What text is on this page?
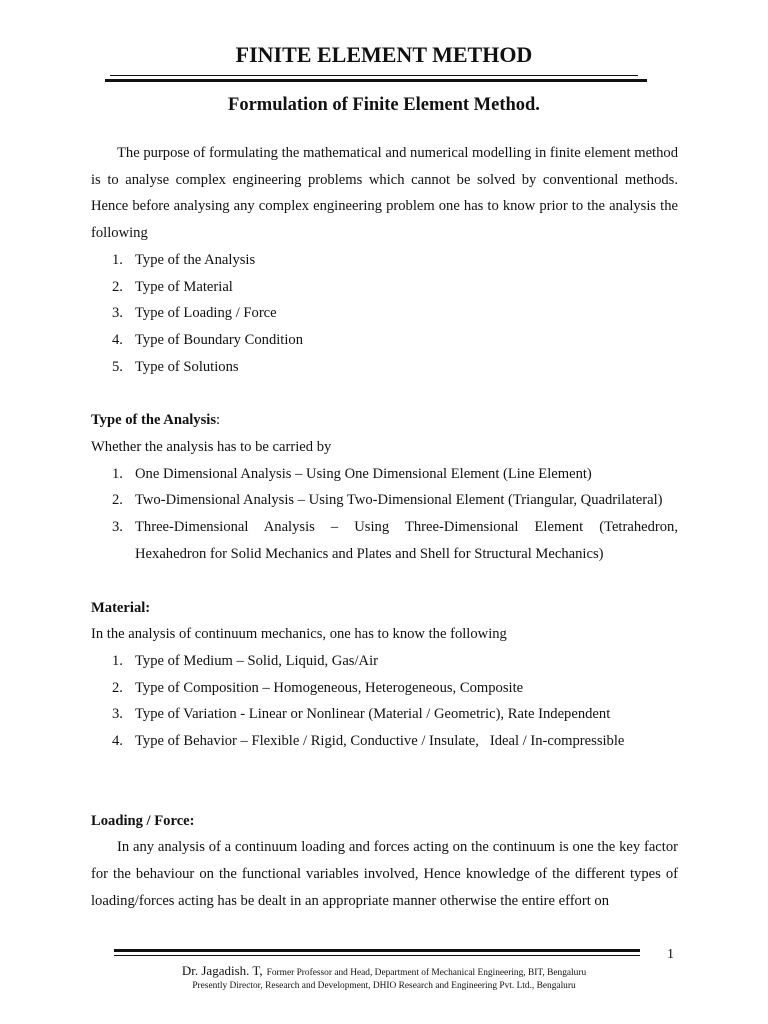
FINITE ELEMENT METHOD
Formulation of Finite Element Method.

The purpose of formulating the mathematical and numerical modelling in finite element method is to analyse complex engineering problems which cannot be solved by conventional methods. Hence before analysing any complex engineering problem one has to know prior to the analysis the following

1. Type of the Analysis
2. Type of Material
3. Type of Loading / Force
4. Type of Boundary Condition
5. Type of Solutions

Type of the Analysis:

Whether the analysis has to be carried by

1. One Dimensional Analysis – Using One Dimensional Element (Line Element)
2. Two-Dimensional Analysis – Using Two-Dimensional Element (Triangular, Quadrilateral)
3. Three-Dimensional Analysis – Using Three-Dimensional Element (Tetrahedron, Hexahedron for Solid Mechanics and Plates and Shell for Structural Mechanics)

Material:

In the analysis of continuum mechanics, one has to know the following

1. Type of Medium – Solid, Liquid, Gas/Air
2. Type of Composition – Homogeneous, Heterogeneous, Composite
3. Type of Variation - Linear or Nonlinear (Material / Geometric), Rate Independent
4. Type of Behavior – Flexible / Rigid, Conductive / Insulate,   Ideal / In-compressible

Loading / Force:

In any analysis of a continuum loading and forces acting on the continuum is one the key factor for the behaviour on the functional variables involved, Hence knowledge of the different types of loading/forces acting has be dealt in an appropriate manner otherwise the entire effort on

1
Dr. Jagadish. T, Former Professor and Head, Department of Mechanical Engineering, BIT, Bengaluru
Presently Director, Research and Development, DHIO Research and Engineering Pvt. Ltd., Bengaluru
